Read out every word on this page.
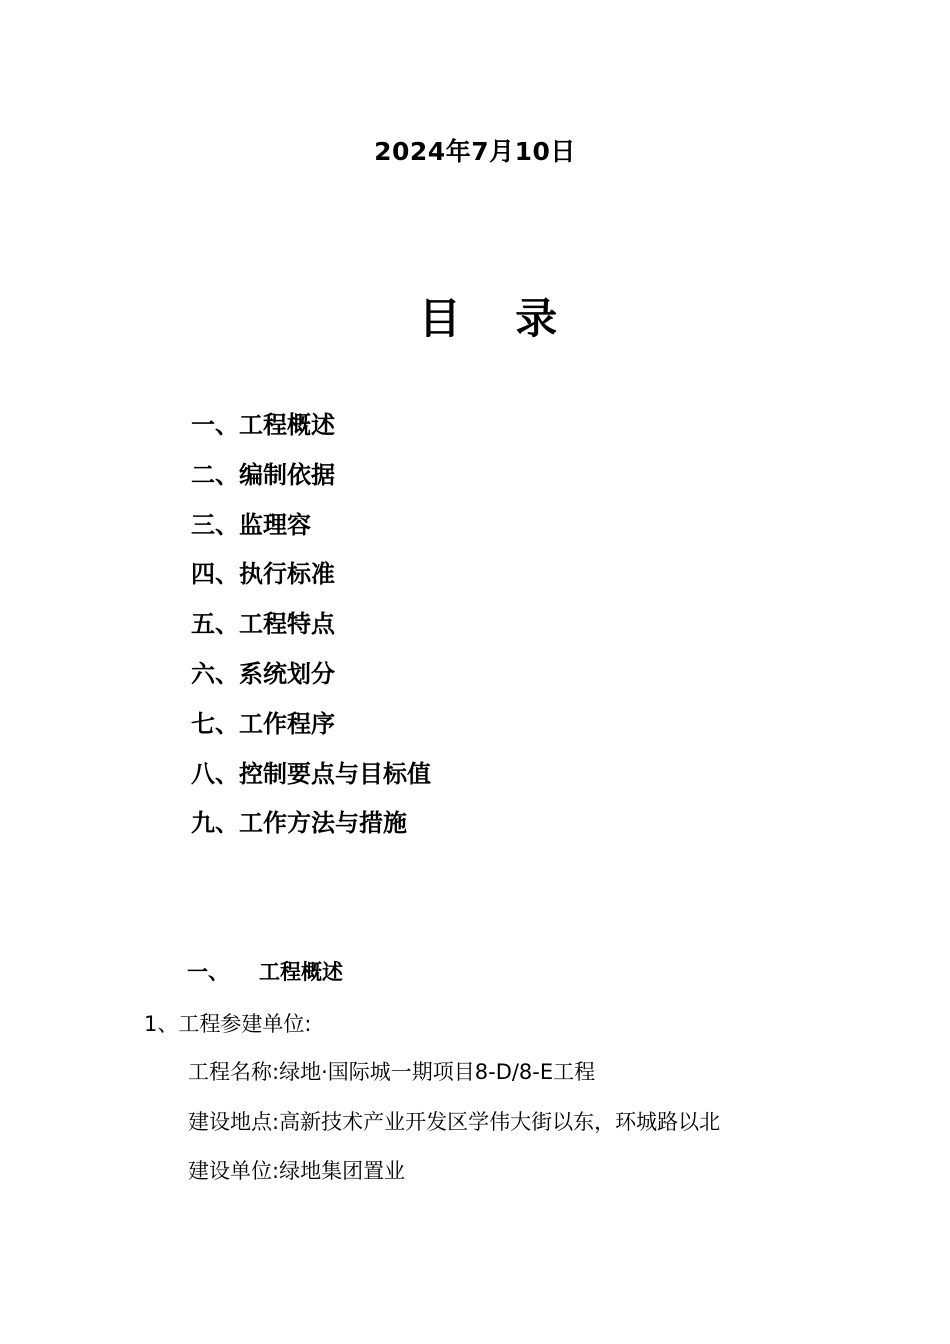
2024年7月10日
目 录
一、工程概述
二、编制依据
三、监理容
四、执行标准
五、工程特点
六、系统划分
七、工作程序
八、控制要点与目标值
九、工作方法与措施
一、 工程概述
1、工程参建单位:
工程名称:绿地·国际城一期项目8-D/8-E工程
建设地点:高新技术产业开发区学伟大街以东，环城路以北
建设单位:绿地集团置业
